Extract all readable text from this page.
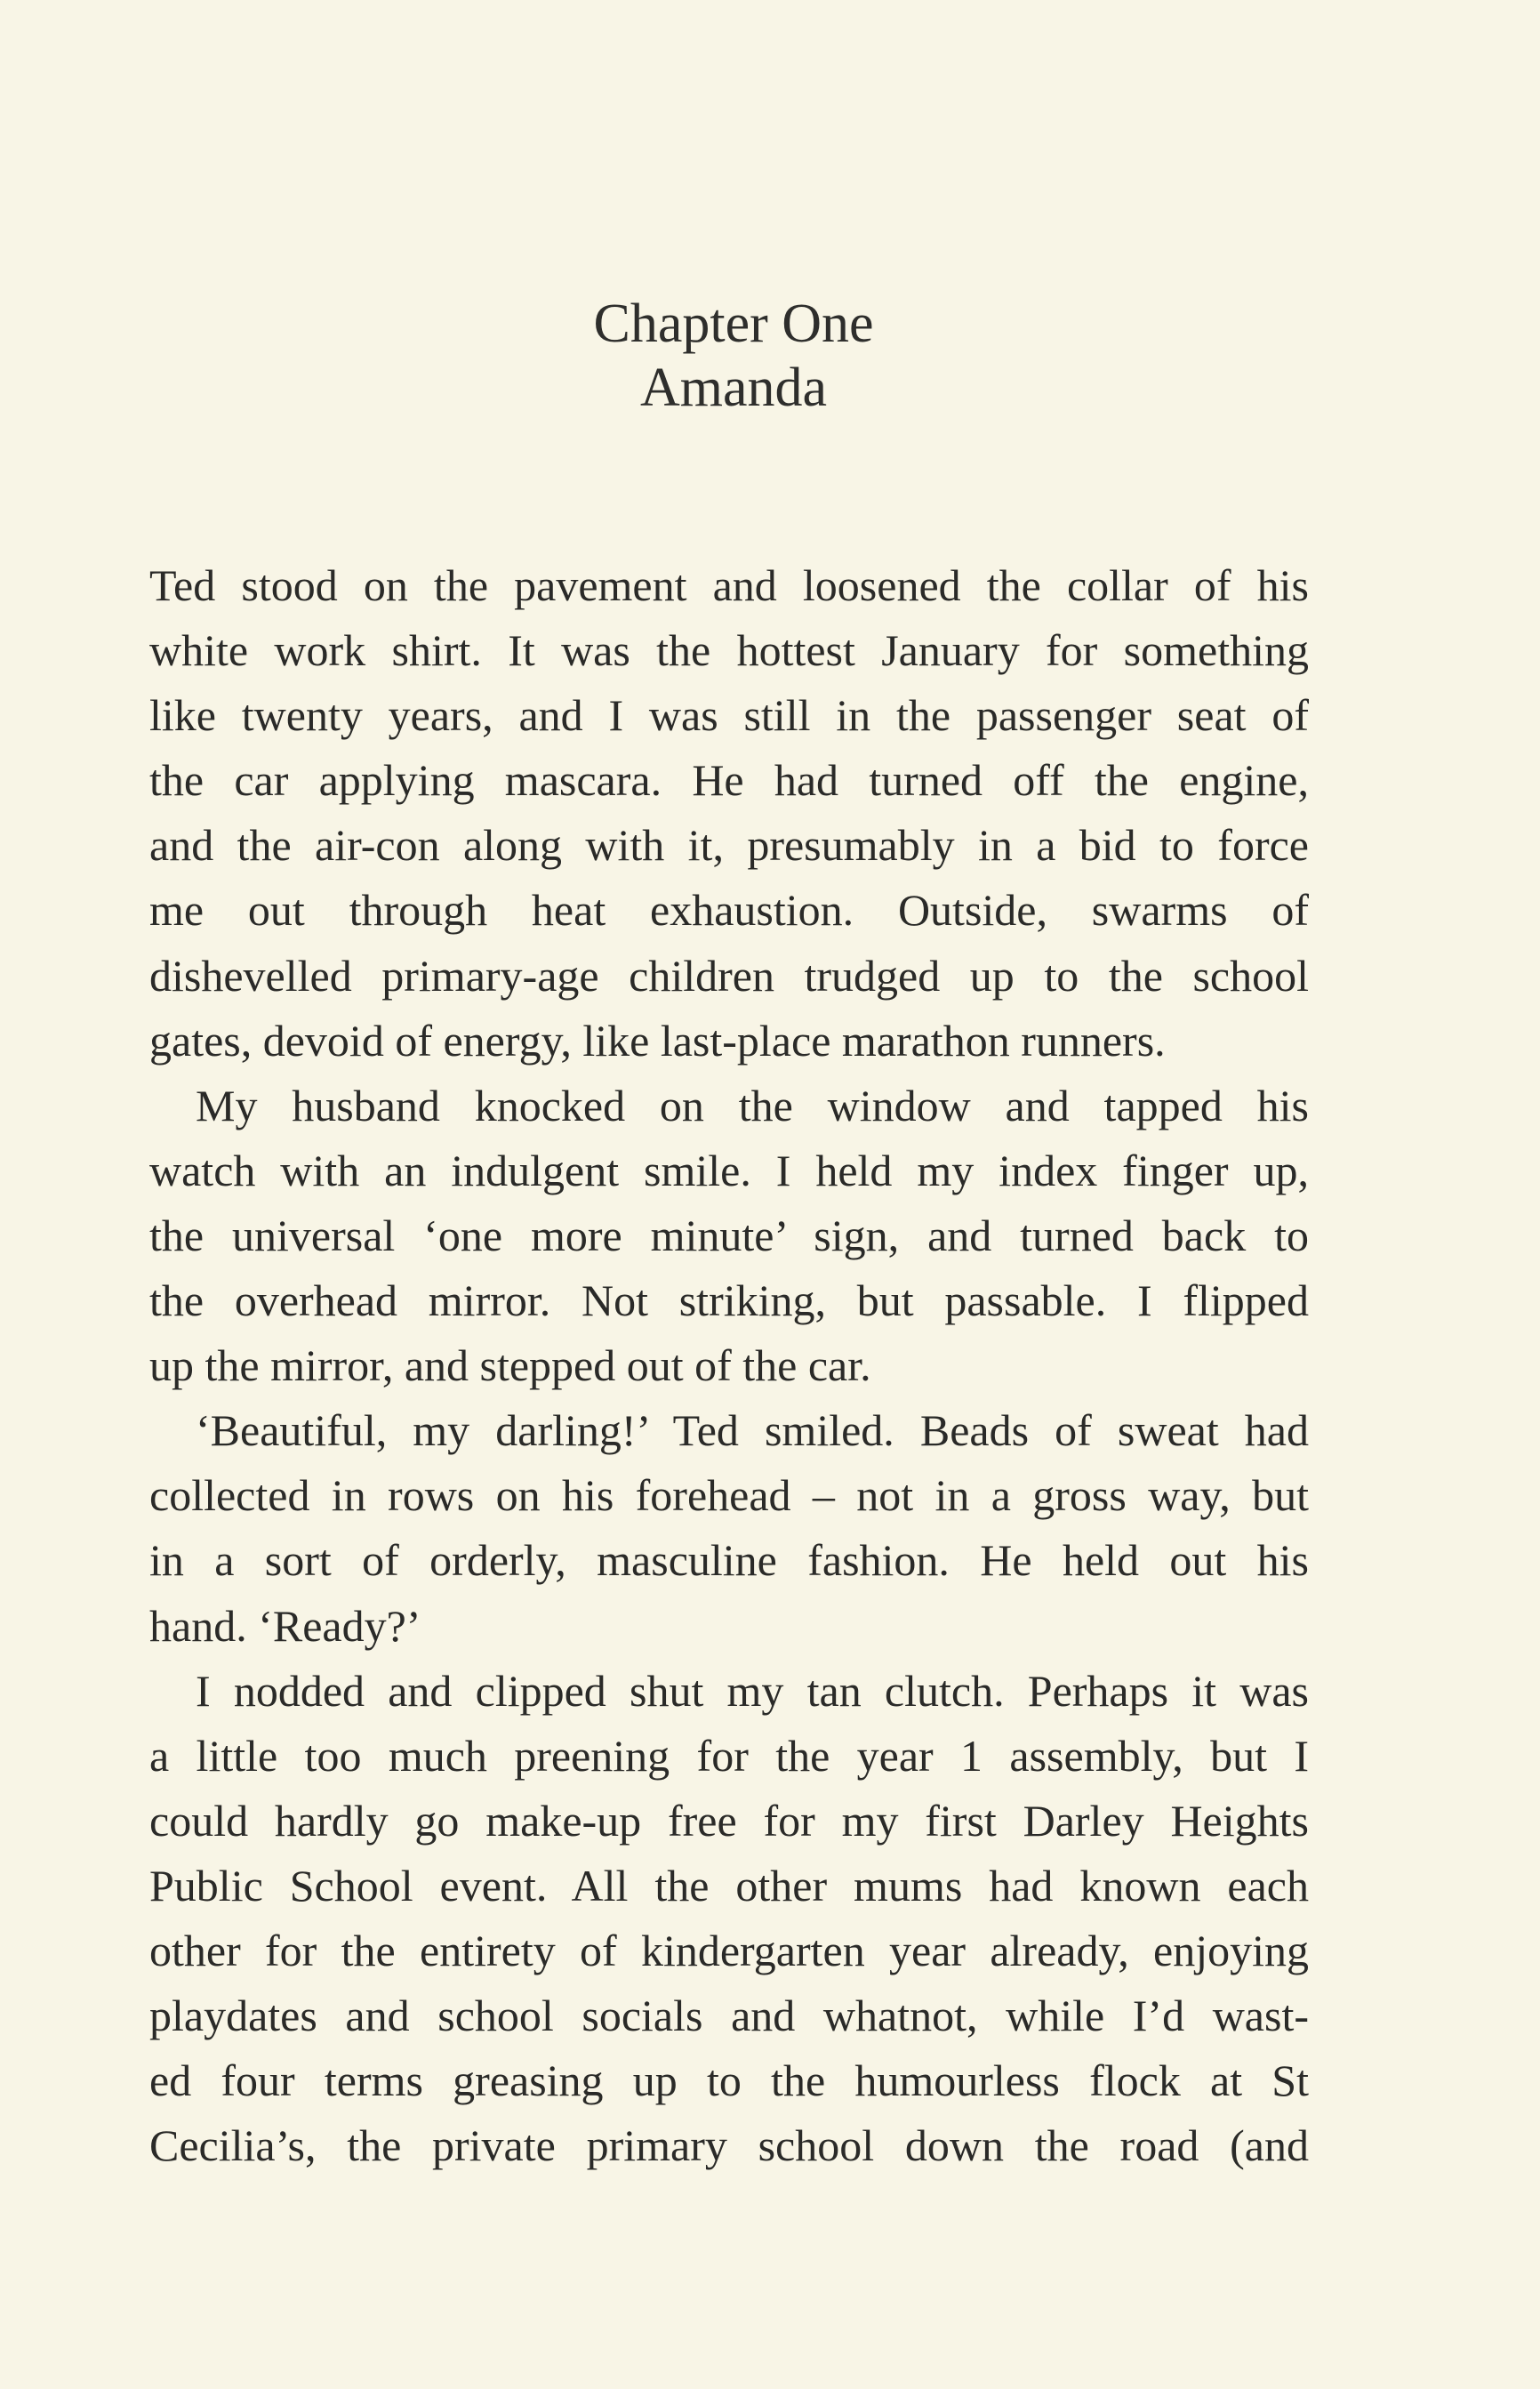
Chapter One
Amanda
Ted stood on the pavement and loosened the collar of his
white work shirt. It was the hottest January for something
like twenty years, and I was still in the passenger seat of
the car applying mascara. He had turned off the engine,
and the air-con along with it, presumably in a bid to force
me out through heat exhaustion. Outside, swarms of
dishevelled primary-age children trudged up to the school
gates, devoid of energy, like last-place marathon runners.
My husband knocked on the window and tapped his
watch with an indulgent smile. I held my index finger up,
the universal ‘one more minute’ sign, and turned back to
the overhead mirror. Not striking, but passable. I flipped
up the mirror, and stepped out of the car.
‘Beautiful, my darling!’ Ted smiled. Beads of sweat had
collected in rows on his forehead – not in a gross way, but
in a sort of orderly, masculine fashion. He held out his
hand. ‘Ready?’
I nodded and clipped shut my tan clutch. Perhaps it was
a little too much preening for the year 1 assembly, but I
could hardly go make-up free for my first Darley Heights
Public School event. All the other mums had known each
other for the entirety of kindergarten year already, enjoying
playdates and school socials and whatnot, while I’d wast-
ed four terms greasing up to the humourless flock at St
Cecilia’s, the private primary school down the road (and
